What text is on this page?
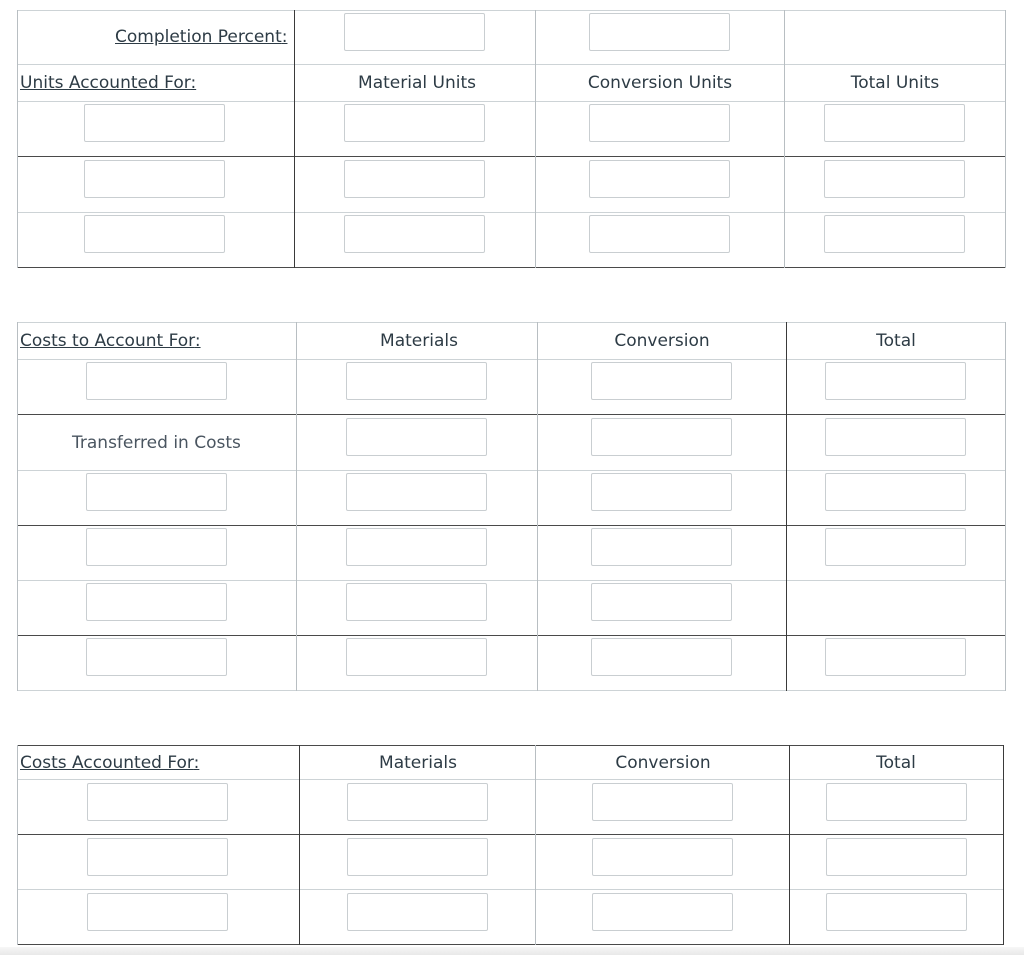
Completion Percent:
Units Accounted For:	Material Units	Conversion Units	Total Units
Costs to Account For:	Materials	Conversion	Total
Transferred in Costs
Costs Accounted For:	Materials	Conversion	Total
